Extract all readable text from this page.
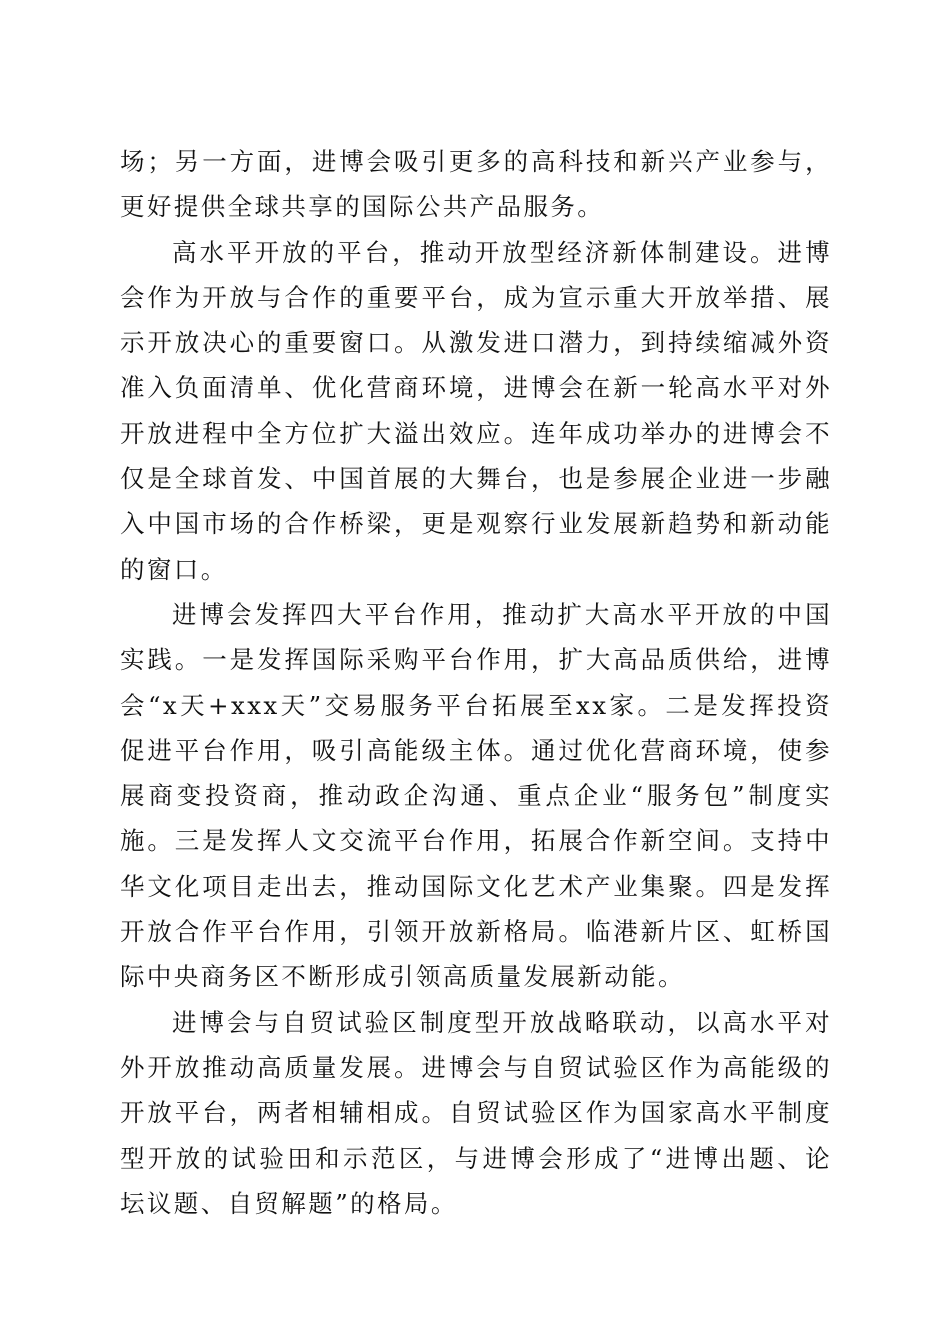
场；另一方面，进博会吸引更多的高科技和新兴产业参与，更好提供全球共享的国际公共产品服务。

高水平开放的平台，推动开放型经济新体制建设。进博会作为开放与合作的重要平台，成为宣示重大开放举措、展示开放决心的重要窗口。从激发进口潜力，到持续缩减外资准入负面清单、优化营商环境，进博会在新一轮高水平对外开放进程中全方位扩大溢出效应。连年成功举办的进博会不仅是全球首发、中国首展的大舞台，也是参展企业进一步融入中国市场的合作桥梁，更是观察行业发展新趋势和新动能的窗口。

进博会发挥四大平台作用，推动扩大高水平开放的中国实践。一是发挥国际采购平台作用，扩大高品质供给，进博会“x天+xxx天”交易服务平台拓展至xx家。二是发挥投资促进平台作用，吸引高能级主体。通过优化营商环境，使参展商变投资商，推动政企沟通、重点企业“服务包”制度实施。三是发挥人文交流平台作用，拓展合作新空间。支持中华文化项目走出去，推动国际文化艺术产业集聚。四是发挥开放合作平台作用，引领开放新格局。临港新片区、虹桥国际中央商务区不断形成引领高质量发展新动能。

进博会与自贸试验区制度型开放战略联动，以高水平对外开放推动高质量发展。进博会与自贸试验区作为高能级的开放平台，两者相辅相成。自贸试验区作为国家高水平制度型开放的试验田和示范区，与进博会形成了“进博出题、论坛议题、自贸解题”的格局。
